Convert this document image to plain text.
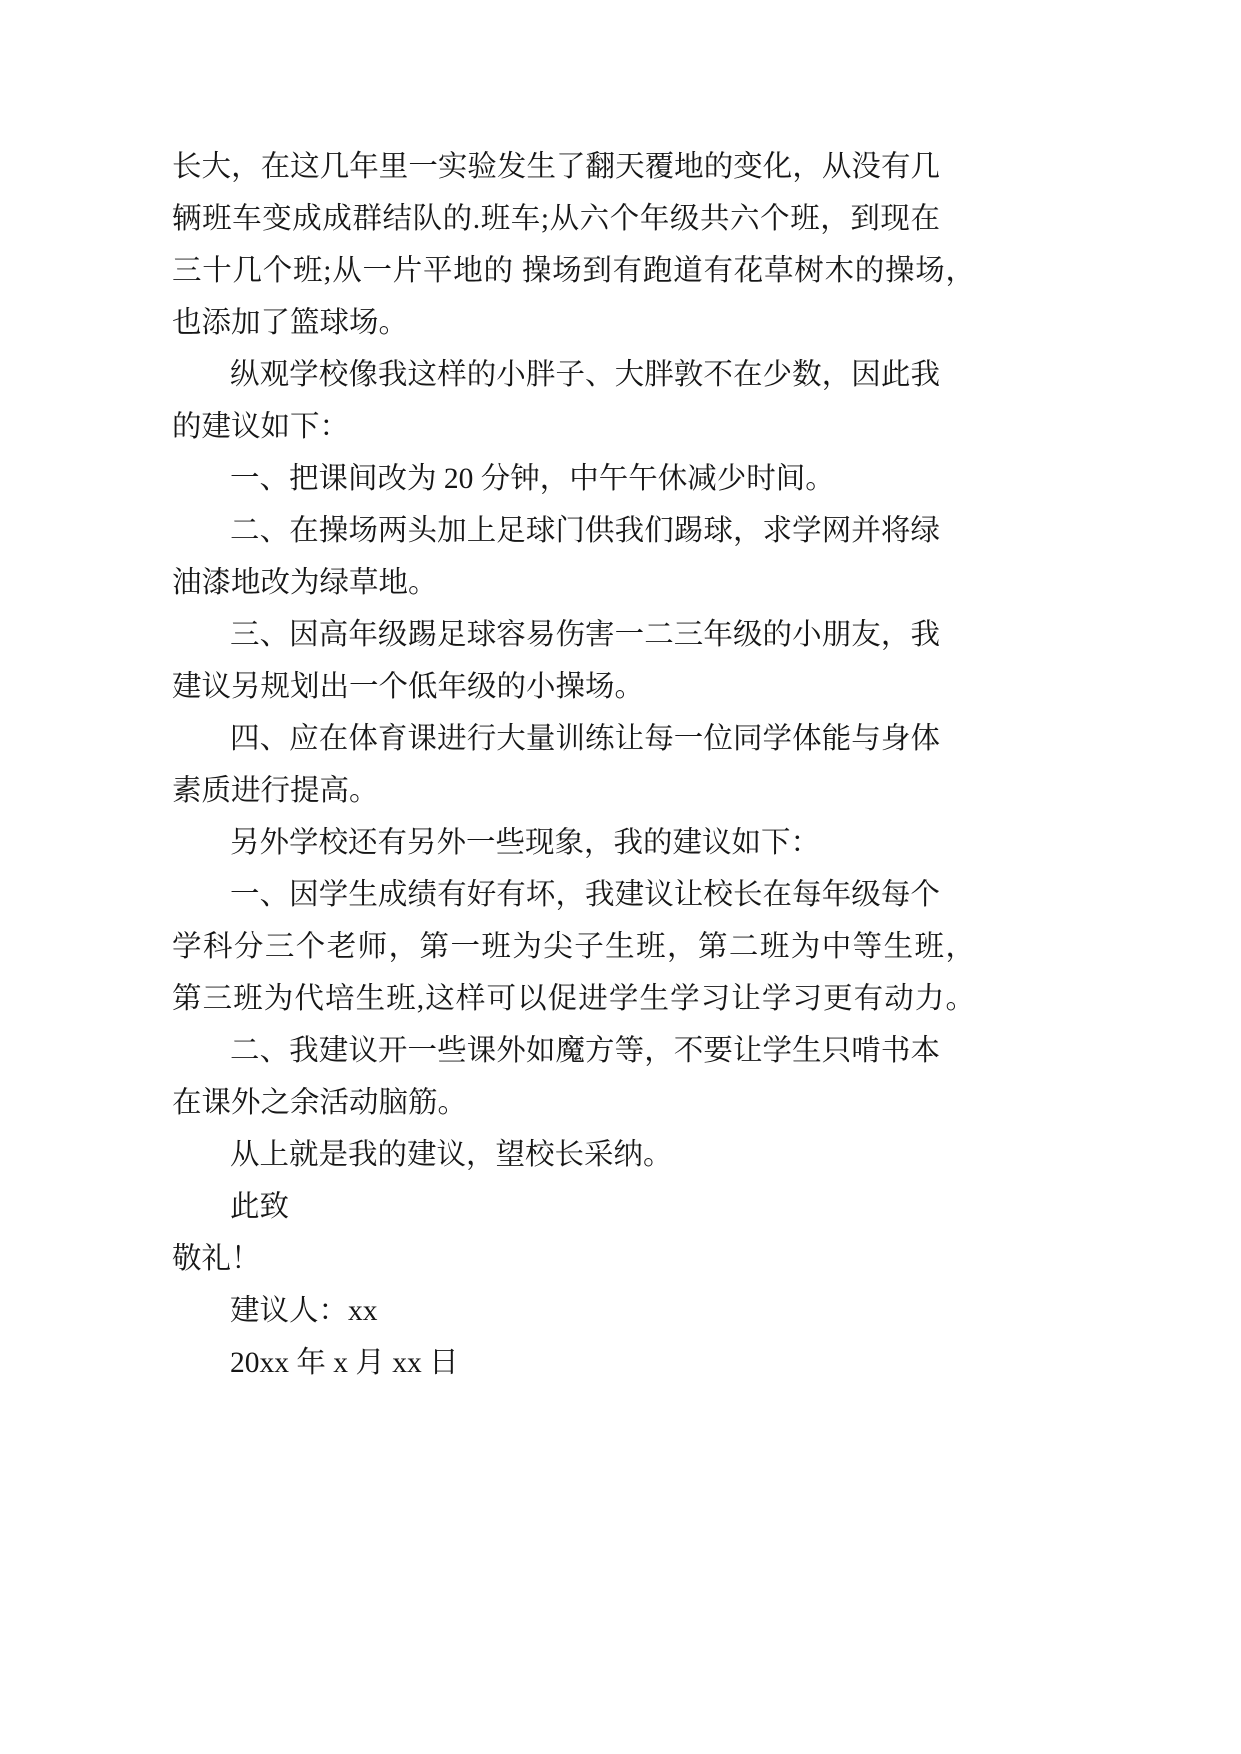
长大，在这几年里一实验发生了翻天覆地的变化，从没有几
辆班车变成成群结队的.班车;从六个年级共六个班，到现在
三十几个班;从一片平地的 操场到有跑道有花草树木的操场，
也添加了篮球场。
纵观学校像我这样的小胖子、大胖敦不在少数，因此我
的建议如下：
一、把课间改为 20 分钟，中午午休减少时间。
二、在操场两头加上足球门供我们踢球，求学网并将绿
油漆地改为绿草地。
三、因高年级踢足球容易伤害一二三年级的小朋友，我
建议另规划出一个低年级的小操场。
四、应在体育课进行大量训练让每一位同学体能与身体
素质进行提高。
另外学校还有另外一些现象，我的建议如下：
一、因学生成绩有好有坏，我建议让校长在每年级每个
学科分三个老师，第一班为尖子生班，第二班为中等生班，
第三班为代培生班,这样可以促进学生学习让学习更有动力。
二、我建议开一些课外如魔方等，不要让学生只啃书本
在课外之余活动脑筋。
从上就是我的建议，望校长采纳。
此致
敬礼！
建议人：xx
20xx 年 x 月 xx 日
